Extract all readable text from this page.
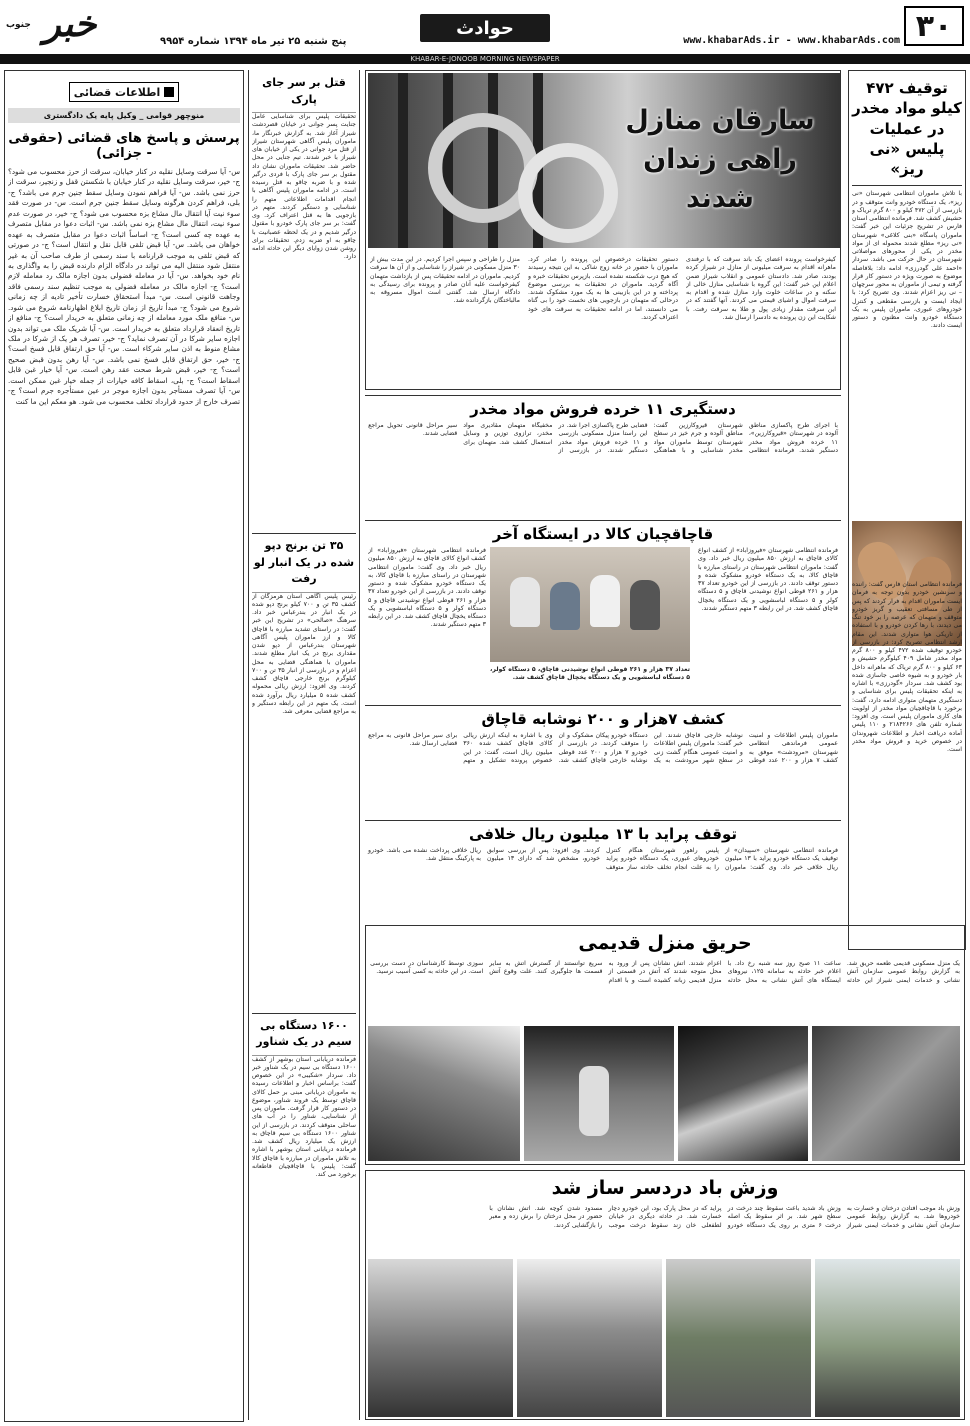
۳۰
www.khabarAds.ir - www.khabarAds.com
حوادث
پنج شنبه ۲۵ تیر ماه ۱۳۹۴ شماره ۹۹۵۴
خبر $^{جنوب}$
KHABAR-E-JONOOB MORNING NEWSPAPER
توقیف ۴۷۲ کیلو مواد مخدر در عملیات پلیس «نی ریز»
با تلاش مأموران انتظامی شهرستان «نی ریز»، یک دستگاه خودرو وانت متوقف و در بازرسی از آن ۴۷۲ کیلو و ۸۰۰ گرم تریاک و حشیش کشف شد. فرمانده انتظامی استان فارس در تشریح جزئیات این خبر گفت: ماموران پاسگاه «بنی کلاغی» شهرستان «نی ریز» مطلع شدند محموله ای از مواد مخدر در یکی از محورهای مواصلاتی شهرستان در حال حرکت می باشد. سردار «احمد علی گودرزی» ادامه داد: بلافاصله موضوع به صورت ویژه در دستور کار قرار گرفته و تیمی از ماموران به محور سرچهان – نی ریز اعزام شدند. وی تصریح کرد: با ایجاد ایست و بازرسی مقطعی و کنترل خودروهای عبوری، ماموران پلیس به یک دستگاه خودرو وانت مظنون و دستور ایست دادند.
فرمانده انتظامی استان فارس گفت: راننده و سرنشین خودرو بدون توجه به فرمان ایست ماموران اقدام به فرار کردند که پس از طی مسافتی تعقیب و گریز خودرو متوقف و متهمان که عرصه را بر خود تنگ می دیدند، با رها کردن خودرو و با استفاده از تاریکی هوا متواری شدند. این مقام ارشد انتظامی تصریح کرد: در بازرسی از خودرو توقیف شده ۴۷۲ کیلو و ۸۰۰ گرم مواد مخدر شامل ۴۰۹ کیلوگرم حشیش و ۶۳ کیلو و ۸۰۰ گرم تریاک که ماهرانه داخل بار خودرو و به شیوه خاصی جاسازی شده بود کشف شد. سردار «گودرزی» با اشاره به اینکه تحقیقات پلیس برای شناسایی و دستگیری متهمان متواری ادامه دارد، گفت: برخورد با قاچاقچیان مواد مخدر از اولویت های کاری ماموران پلیس است. وی افزود: شماره تلفن های ۲۱۸۴۲۶۶ و ۱۱۰ پلیس آماده دریافت اخبار و اطلاعات شهروندان در خصوص خرید و فروش مواد مخدر است.
سارقان منازل راهی زندان شدند
کیفرخواست پرونده اعضای یک باند سرقت که با ترفندی ماهرانه اقدام به سرقت میلیونی از منازل در شیراز کرده بودند، صادر شد. دادستان عمومی و انقلاب شیراز ضمن اعلام این خبر گفت: این گروه با شناسایی منازل خالی از سکنه و در ساعات خلوت وارد منازل شده و اقدام به سرقت اموال و اشیای قیمتی می کردند. آنها گفتند که در این سرقت مقدار زیادی پول و طلا به سرقت رفت. با شکایت این زن پرونده به دادسرا ارسال شد.
دستور تحقیقات درخصوص این پرونده را صادر کرد. ماموران با حضور در خانه زوج شاکی به این نتیجه رسیدند که هیچ درب شکسته نشده است. بازپرس تحقیقات خبره و آگاه گردید. ماموران در تحقیقات به بررسی موضوع پرداخته و در این بازبینی ها به یک مورد مشکوک شدند. درحالی که متهمان در بازجویی های نخست خود را بی گناه می دانستند، اما در ادامه تحقیقات به سرقت های خود اعتراف کردند.
منزل را طراحی و سپس اجرا کردیم. در این مدت بیش از ۳۰ منزل مسکونی در شیراز را شناسایی و از آن ها سرقت کردیم. ماموران در ادامه تحقیقات پس از بازداشت متهمان کیفرخواست علیه آنان صادر و پرونده برای رسیدگی به دادگاه ارسال شد. گفتنی است اموال مسروقه به مالباختگان بازگردانده شد.
دستگیری ۱۱ خرده فروش مواد مخدر
با اجرای طرح پاکسازی مناطق آلوده در شهرستان «قیروکارزین»، ۱۱ خرده فروش مواد مخدر دستگیر شدند. فرمانده انتظامی شهرستان قیروکارزین گفت: مناطق آلوده و جرم خیز در سطح شهرستان توسط ماموران مواد مخدر شناسایی و با هماهنگی قضایی طرح پاکسازی اجرا شد. در این راستا منزل مسکونی بازرسی و ۱۱ خرده فروش مواد مخدر دستگیر شدند. در بازرسی از مخفیگاه متهمان مقادیری مواد مخدر، ترازوی توزین و وسایل استعمال کشف شد. متهمان برای سیر مراحل قانونی تحویل مراجع قضایی شدند.
قاچاقچیان کالا در ایستگاه آخر
فرمانده انتظامی شهرستان «فیروزآباد» از کشف انواع کالای قاچاق به ارزش ۸۵۰ میلیون ریال خبر داد. وی گفت: ماموران انتظامی شهرستان در راستای مبارزه با قاچاق کالا، به یک دستگاه خودرو مشکوک شده و دستور توقف دادند. در بازرسی از این خودرو تعداد ۳۷ هزار و ۲۶۱ قوطی انواع نوشیدنی قاچاق و ۵ دستگاه کولر و ۵ دستگاه لباسشویی و یک دستگاه یخچال قاچاق کشف شد. در این رابطه ۳ متهم دستگیر شدند.
تعداد ۳۷ هزار و ۲۶۱ قوطی انواع نوشیدنی قاچاق، ۵ دستگاه کولر، ۵ دستگاه لباسشویی و یک دستگاه یخچال قاچاق کشف شد.
فرمانده انتظامی شهرستان «فیروزآباد» از کشف انواع کالای قاچاق به ارزش ۸۵۰ میلیون ریال خبر داد. وی گفت: ماموران انتظامی شهرستان در راستای مبارزه با قاچاق کالا، به یک دستگاه خودرو مشکوک شده و دستور توقف دادند. در بازرسی از این خودرو تعداد ۳۷ هزار و ۲۶۱ قوطی انواع نوشیدنی قاچاق و ۵ دستگاه کولر و ۵ دستگاه لباسشویی و یک دستگاه یخچال قاچاق کشف شد. در این رابطه ۳ متهم دستگیر شدند.
کشف ۷هزار و ۲۰۰ نوشابه قاچاق
ماموران پلیس اطلاعات و امنیت عمومی فرماندهی انتظامی شهرستان «مرودشت» موفق به کشف ۷ هزار و ۲۰۰ عدد قوطی نوشابه خارجی قاچاق شدند. این خبر گفت: ماموران پلیس اطلاعات و امنیت عمومی هنگام گشت زنی در سطح شهر مرودشت به یک دستگاه خودرو پیکان مشکوک و آن را متوقف کردند. در بازرسی از خودرو ۷ هزار و ۲۰۰ عدد قوطی نوشابه خارجی قاچاق کشف شد. وی با اشاره به اینکه ارزش ریالی کالای قاچاق کشف شده ۳۶۰ میلیون ریال است، گفت: در این خصوص پرونده تشکیل و متهم برای سیر مراحل قانونی به مراجع قضایی ارسال شد.
توقف پراید با ۱۳ میلیون ریال خلافی
فرمانده انتظامی شهرستان «سپیدان» از توقیف یک دستگاه خودرو پراید با ۱۳ میلیون ریال خلافی خبر داد. وی گفت: ماموران پلیس راهور شهرستان هنگام کنترل خودروهای عبوری، یک دستگاه خودرو پراید را به علت انجام تخلف حادثه ساز متوقف کردند. وی افزود: پس از بررسی سوابق خودرو، مشخص شد که دارای ۱۳ میلیون ریال خلافی پرداخت نشده می باشد. خودرو به پارکینگ منتقل شد.
حریق منزل قدیمی
یک منزل مسکونی قدیمی طعمه حریق شد. به گزارش روابط عمومی سازمان آتش نشانی و خدمات ایمنی شیراز این حادثه ساعت ۱۱ صبح روز سه شنبه رخ داد. با اعلام خبر حادثه به سامانه ۱۲۵، نیروهای ایستگاه های آتش نشانی به محل حادثه اعزام شدند. آتش نشانان پس از ورود به محل متوجه شدند که آتش در قسمتی از منزل قدیمی زبانه کشیده است و با اقدام سریع توانستند از گسترش آتش به سایر قسمت ها جلوگیری کنند. علت وقوع آتش سوزی توسط کارشناسان در دست بررسی است. در این حادثه به کسی آسیب نرسید.
وزش باد دردسر ساز شد
وزش باد موجب افتادن درختان و خسارت به خودروها شد. به گزارش روابط عمومی سازمان آتش نشانی و خدمات ایمنی شیراز وزش باد شدید باعث سقوط چند درخت در سطح شهر شد. بر اثر سقوط یک اصله درخت ۶ متری بر روی یک دستگاه خودرو پراید که در محل پارک بود، این خودرو دچار خسارت شد. در حادثه دیگری در خیابان لطفعلی خان زند سقوط درخت موجب مسدود شدن کوچه شد. آتش نشانان با حضور در محل درختان را برش زده و معبر را بازگشایی کردند.
قتل بر سر جای پارک
تحقیقات پلیس برای شناسایی عامل جنایت پسر جوانی در خیابان قصردشت شیراز آغاز شد. به گزارش خبرنگار ما، ماموران پلیس آگاهی شهرستان شیراز از قتل مرد جوانی در یکی از خیابان های شیراز با خبر شدند. تیم جنایی در محل حاضر شد. تحقیقات ماموران نشان داد مقتول بر سر جای پارک با فردی درگیر شده و با ضربه چاقو به قتل رسیده است. در ادامه ماموران پلیس آگاهی با انجام اقدامات اطلاعاتی متهم را شناسایی و دستگیر کردند. متهم در بازجویی ها به قتل اعتراف کرد. وی گفت: بر سر جای پارک خودرو با مقتول درگیر شدیم و در یک لحظه عصبانیت با چاقو به او ضربه زدم. تحقیقات برای روشن شدن زوایای دیگر این حادثه ادامه دارد.
۳۵ تن برنج دپو شده در یک انبار لو رفت
رئیس پلیس آگاهی استان هرمزگان از کشف ۳۵ تن و ۷۰۰ کیلو برنج دپو شده در یک انبار در بندرعباس خبر داد. سرهنگ «صالحی» در تشریح این خبر گفت: در راستای تشدید مبارزه با قاچاق کالا و ارز ماموران پلیس آگاهی شهرستان بندرعباس از دپو شدن مقداری برنج در یک انبار مطلع شدند. ماموران با هماهنگی قضایی به محل اعزام و در بازرسی از انبار ۳۵ تن و ۷۰۰ کیلوگرم برنج خارجی قاچاق کشف کردند. وی افزود: ارزش ریالی محموله کشف شده ۵ میلیارد ریال برآورد شده است. یک متهم در این رابطه دستگیر و به مراجع قضایی معرفی شد.
۱۶۰۰ دستگاه بی سیم در یک شناور
فرمانده دریابانی استان بوشهر از کشف ۱۶۰۰ دستگاه بی سیم در یک شناور خبر داد. سردار «شکیبی» در این خصوص گفت: براساس اخبار و اطلاعات رسیده به ماموران دریابانی مبنی بر حمل کالای قاچاق توسط یک فروند شناور، موضوع در دستور کار قرار گرفت. ماموران پس از شناسایی، شناور را در آب های ساحلی متوقف کردند. در بازرسی از این شناور ۱۶۰۰ دستگاه بی سیم قاچاق به ارزش یک میلیارد ریال کشف شد. فرمانده دریابانی استان بوشهر با اشاره به تلاش ماموران در مبارزه با قاچاق کالا گفت: پلیس با قاچاقچیان قاطعانه برخورد می کند.
اطلاعات قضائی
منوچهر قوامی _ وکیل پایه یک دادگستری
پرسش و پاسخ های قضائی (حقوقی - جزائی)
س- آیا سرقت وسایل نقلیه در کنار خیابان، سرقت از حرز محسوب می شود؟ ج- خیر، سرقت وسایل نقلیه در کنار خیابان با شکستن قفل و زنجیر، سرقت از حرز نمی باشد. س- آیا فراهم نمودن وسایل سقط جنین جرم می باشد؟ ج- بلی، فراهم کردن هرگونه وسایل سقط جنین جرم است. س- در صورت فقد سوء نیت آیا انتقال مال مشاع بزه محسوب می شود؟ ج- خیر، در صورت عدم سوء نیت، انتقال مال مشاع بزه نمی باشد. س- اثبات دعوا در مقابل متصرف به عهده چه کسی است؟ ج- اساساً اثبات دعوا در مقابل متصرف به عهده خواهان می باشد. س- آیا قبض تلقی قابل نقل و انتقال است؟ ج- در صورتی که قبض تلقی به موجب قرارنامه با سند رسمی از طرف صاحب آن به غیر منتقل شود منتقل الیه می تواند در دادگاه الزام دارنده قبض را به واگذاری به نام خود بخواهد. س- آیا در معامله فضولی بدون اجازه مالک رد معامله لازم است؟ ج- اجازه مالک در معامله فضولی به موجب تنظیم سند رسمی فاقد وجاهت قانونی است. س- مبدأ استحقاق خسارت تأخیر تادیه از چه زمانی شروع می شود؟ ج- مبدأ تاریخ از زمان تاریخ ابلاغ اظهارنامه شروع می شود. س- منافع ملک مورد معامله از چه زمانی متعلق به خریدار است؟ ج- منافع از تاریخ انعقاد قرارداد متعلق به خریدار است. س- آیا شریک ملک می تواند بدون اجازه سایر شرکا در آن تصرف نماید؟ ج- خیر، تصرف هر یک از شرکا در ملک مشاع منوط به اذن سایر شرکاء است. س- آیا حق ارتفاق قابل فسخ است؟ ج- خیر، حق ارتفاق قابل فسخ نمی باشد. س- آیا رهن بدون قبض صحیح است؟ ج- خیر، قبض شرط صحت عقد رهن است. س- آیا خیار غبن قابل اسقاط است؟ ج- بلی، اسقاط کافه خیارات از جمله خیار غبن ممکن است. س- آیا تصرف مستأجر بدون اجازه موجر در عین مستأجره جرم است؟ ج- تصرف خارج از حدود قرارداد تخلف محسوب می شود. هو معکم این ما کنت
